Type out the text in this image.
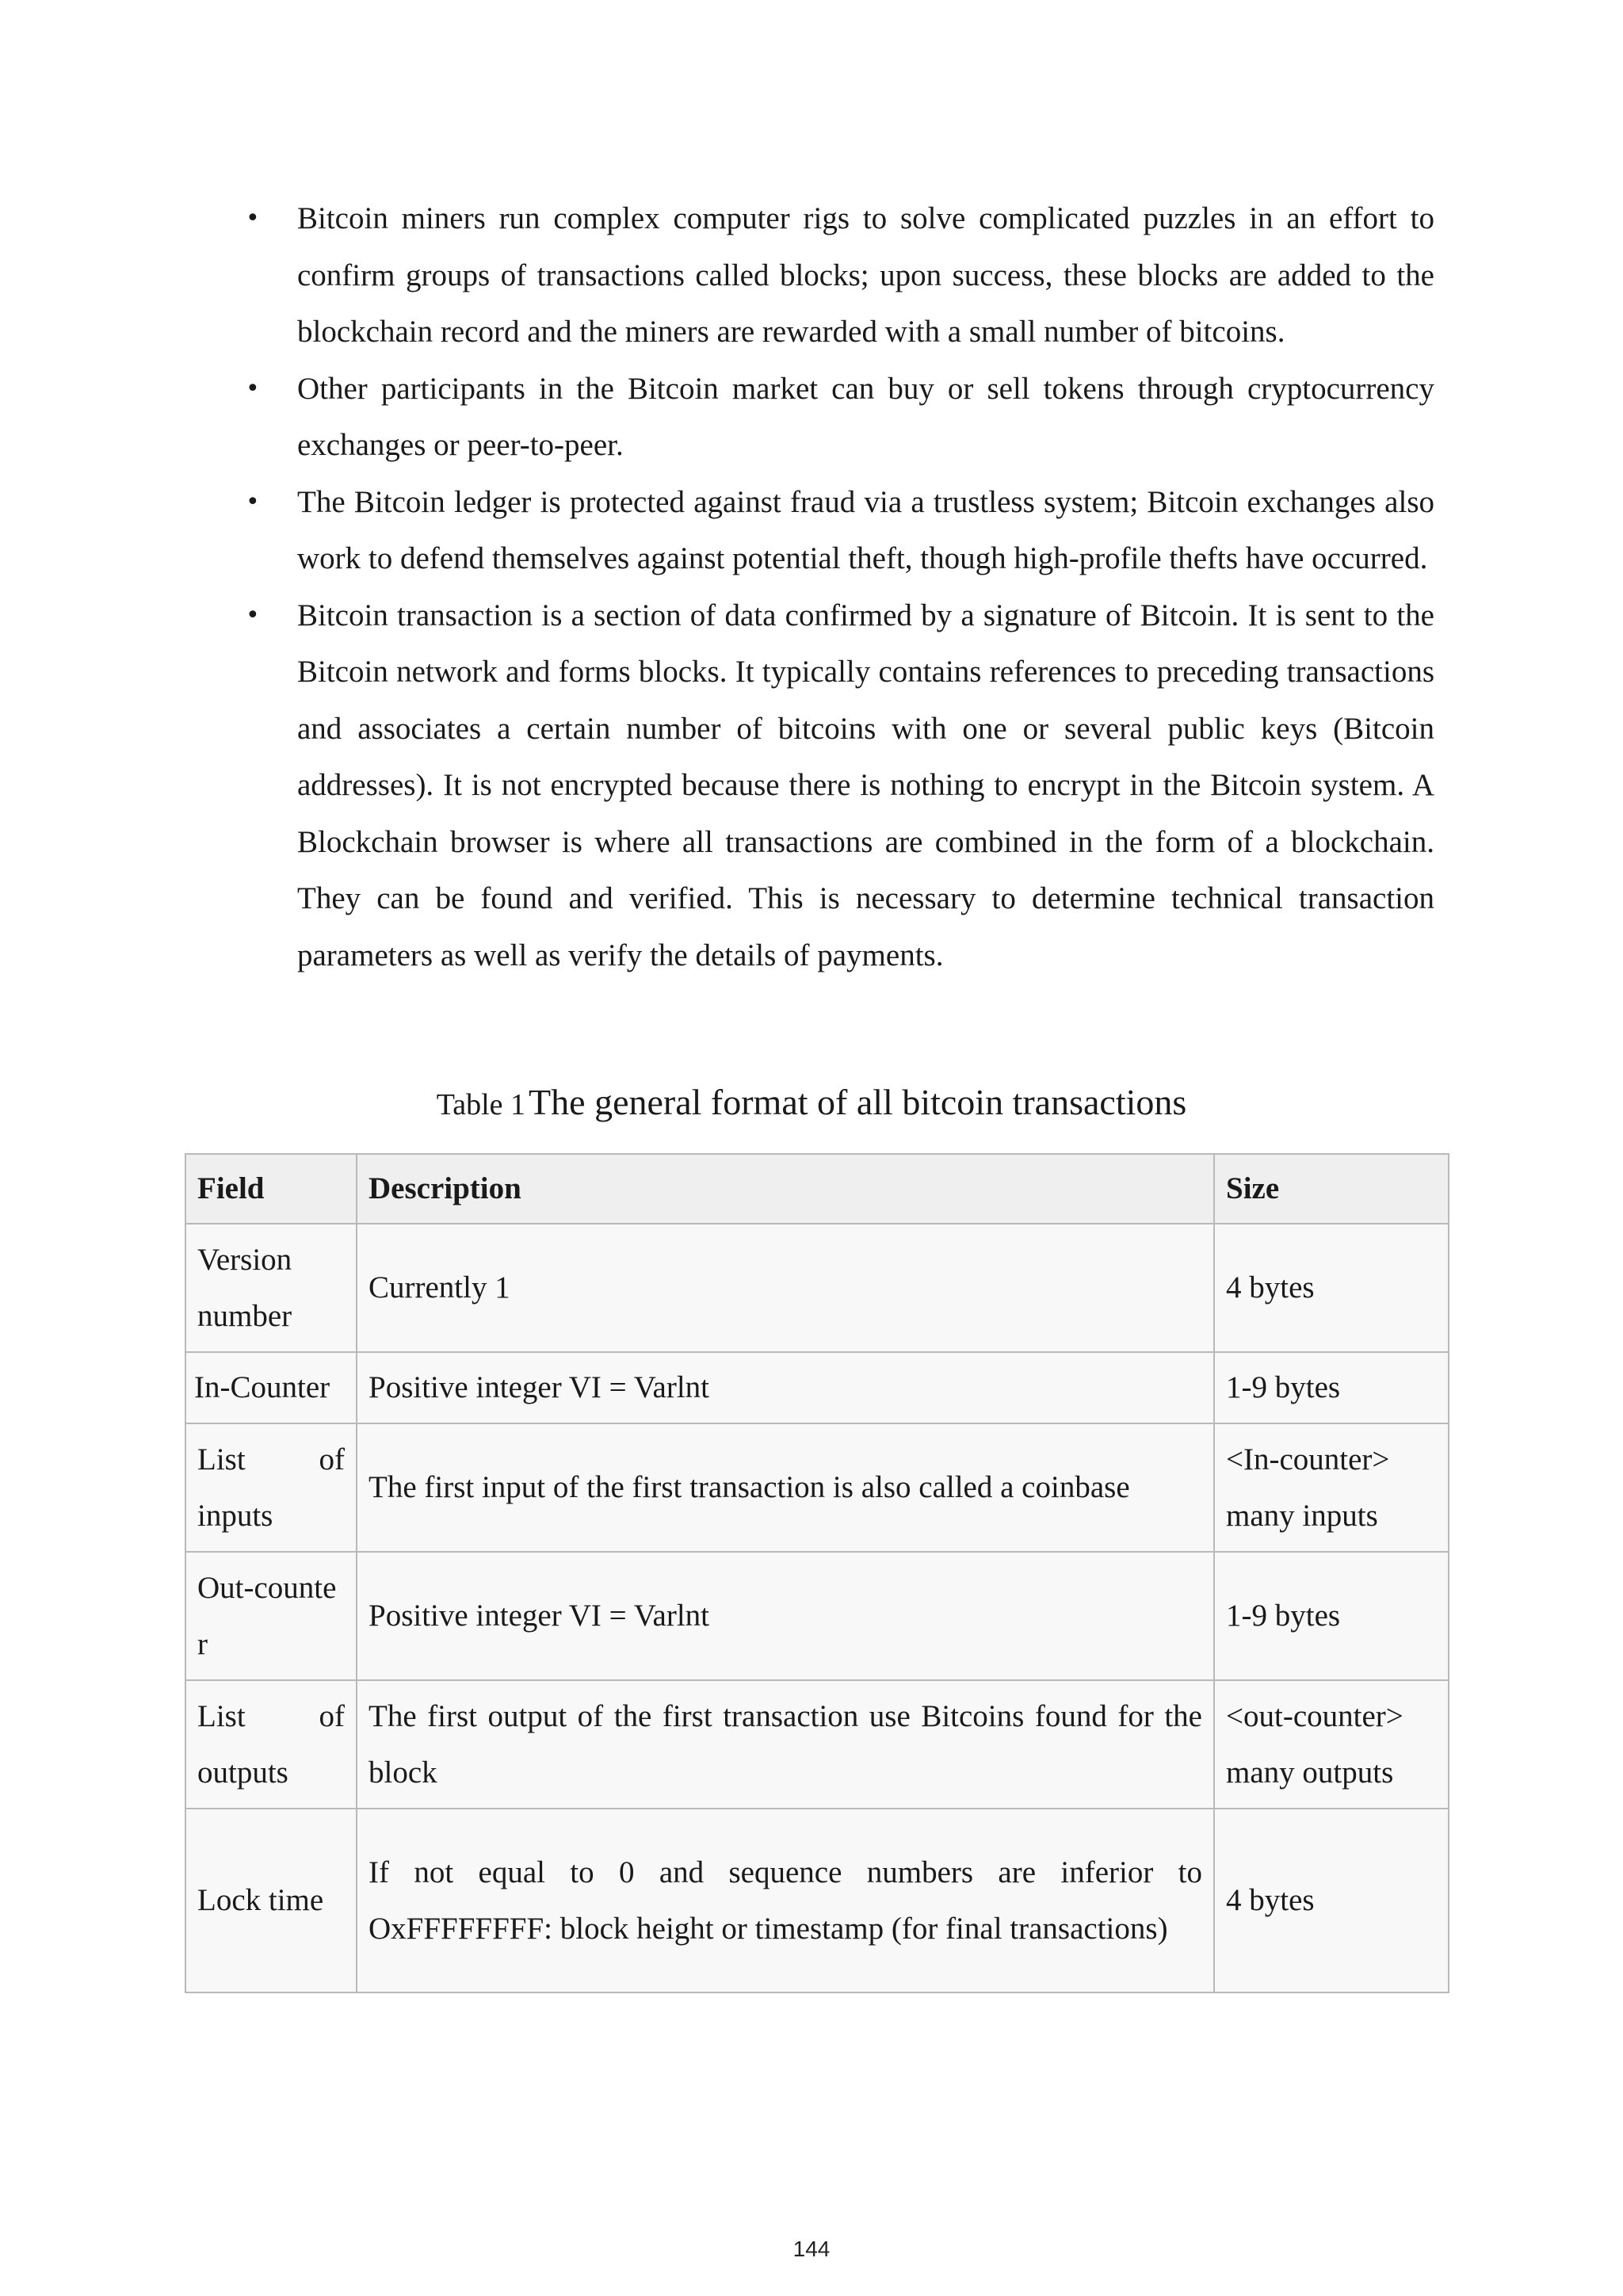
• Bitcoin miners run complex computer rigs to solve complicated puzzles in an effort to confirm groups of transactions called blocks; upon success, these blocks are added to the blockchain record and the miners are rewarded with a small number of bitcoins.
• Other participants in the Bitcoin market can buy or sell tokens through cryptocurrency exchanges or peer-to-peer.
• The Bitcoin ledger is protected against fraud via a trustless system; Bitcoin exchanges also work to defend themselves against potential theft, though high-profile thefts have occurred.
• Bitcoin transaction is a section of data confirmed by a signature of Bitcoin. It is sent to the Bitcoin network and forms blocks. It typically contains references to preceding transactions and associates a certain number of bitcoins with one or several public keys (Bitcoin addresses). It is not encrypted because there is nothing to encrypt in the Bitcoin system. A Blockchain browser is where all transactions are combined in the form of a blockchain. They can be found and verified. This is necessary to determine technical transaction parameters as well as verify the details of payments.
Table 1 The general format of all bitcoin transactions
Field	Description	Size
Version number	Currently 1	4 bytes
In-Counter	Positive integer VI = Varlnt	1-9 bytes
List of inputs	The first input of the first transaction is also called a coinbase	<In-counter> many inputs
Out-counter	Positive integer VI = Varlnt	1-9 bytes
List of outputs	The first output of the first transaction use Bitcoins found for the block	<out-counter> many outputs
Lock time	If not equal to 0 and sequence numbers are inferior to OxFFFFFFFF: block height or timestamp (for final transactions)	4 bytes
144
